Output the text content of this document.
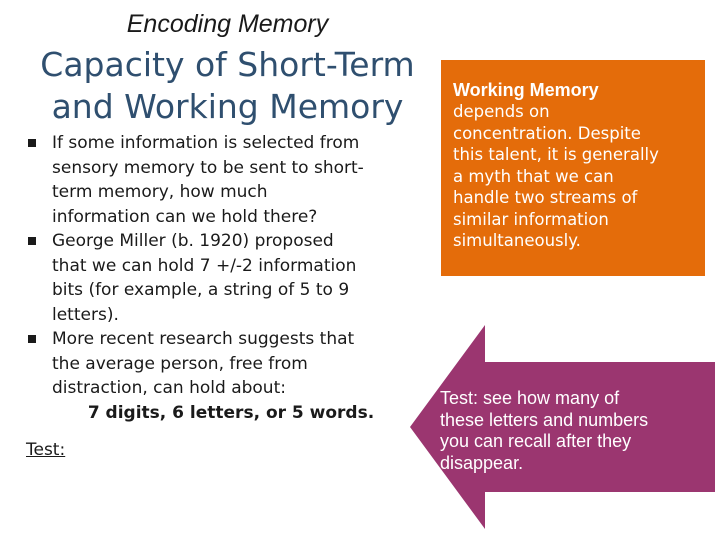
Encoding Memory
Capacity of Short-Term
and Working Memory
If some information is selected from
sensory memory to be sent to short-
term memory, how much
information can we hold there?
George Miller (b. 1920) proposed
that we can hold 7 +/-2 information
bits (for example, a string of 5 to 9
letters).
More recent research suggests that
the average person, free from
distraction, can hold about:
7 digits, 6 letters, or 5 words.
Test:
Working Memory
depends on
concentration. Despite
this talent, it is generally
a myth that we can
handle two streams of
similar information
simultaneously.
Test: see how many of
these letters and numbers
you can recall after they
disappear.
